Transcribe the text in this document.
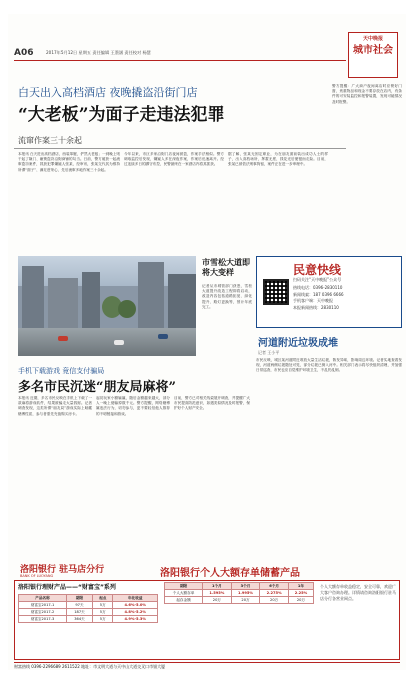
A06	2017年5月12日 星期五 责任编辑 王墨涵 责任校对 杨慧
天中晚报
城市社会
白天出入高档酒店 夜晚撬盗沿街门店
“大老板”为面子走违法犯罪
流窜作案三十余起

本报讯 白天进出高档酒店，西装革履，俨然大老板；一到晚上则干起了撬门、砸锁盗窃沿街商铺的勾当。日前，警方破获一起流窜盗窃案件，抓获犯罪嫌疑人张某，经审讯，张某交代其为维持所谓“面子”、满足虚荣心，先后流窜多地作案三十余起。

今年以来，市区多家沿街门店夜间被盗，作案手法相似。警方调取监控后发现，嫌疑人多在深夜作案，作案后迅速离开。经过连续多日的蹲守布控，民警最终在一家酒店内将其抓获。

据了解，张某无固定职业，为在朋友面前装出成功人士的样子，出入高档场所，挥霍无度，钱花光后便铤而走险。目前，张某已被依法刑事拘留，案件正在进一步审理中。

警方提醒：广大商户夜间离店时应锁好门窗，贵重物品和现金不要存放在店内，有条件的可安装监控和报警装置，发现可疑情况及时报警。

市雪松大道即将大变样

记者从市城管部门获悉，雪松大道提升改造工程即将启动，改造内容包括道路拓宽、绿化提升、路灯更换等，预计年底完工。

民意快线
扫码关注“天中晚报”公众号
热线电话：0396-2830110
新闻线索：187 0396 6666
手机客户端：天中晚报
本报新闻热线：2830110
河道附近垃圾成堆
记者 王小平

市民反映，城区某河道附近堆放大量生活垃圾，散发异味，影响周边环境。记者实地查看发现，河道两侧垃圾随处可见，部分垃圾已倒入河中。相关部门表示将尽快组织清理，并加强日常巡查，市民也应自觉维护环境卫生，不乱扔乱倒。

手机下载游戏 竟信支付骗局
多名市民沉迷“朋友局麻将”

本报讯 近期，多名市民反映在手机上下载了一款麻将游戏软件，结果被骗走大量钱财。记者调查发现，这类所谓“朋友局”游戏实际上暗藏赌博性质，参与者需先充值购买房卡。

起初玩家小额输赢，随后金额越来越大，部分人一晚上便输掉数千元。警方提醒，网络赌博属违法行为，切勿参与，更不要轻信他人推荐的不明链接和游戏。

目前，警方已对相关线索展开调查，并提醒广大市民提高防范意识，如遇类似情况及时报警，保护好个人财产安全。

洛阳银行 驻马店分行
BANK OF LUOYANG	洛阳银行个人大额存单储蓄产品
洛阳银行理财产品——“财富宝”系列
产品名称	期限	起点	年化收益
财富宝2017-1	97天	5万	4.6%-5.0%
财富宝2017-2	187天	5万	4.8%-5.2%
财富宝2017-3	364天	5万	4.9%-5.3%
期限	1个月	3个月	6个月	1年
个人大额存单	1.595%	1.995%	2.275%	2.25%
起存金额	20万	20万	20万	20万
个人大额存单收益稳定，安全可靠，欢迎广大客户咨询办理。详情请咨询洛阳银行驻马店分行各营业网点。
财富热线 0396-2296689 2611522 地址：市文明大道与天中山大道交叉口市银大厦
